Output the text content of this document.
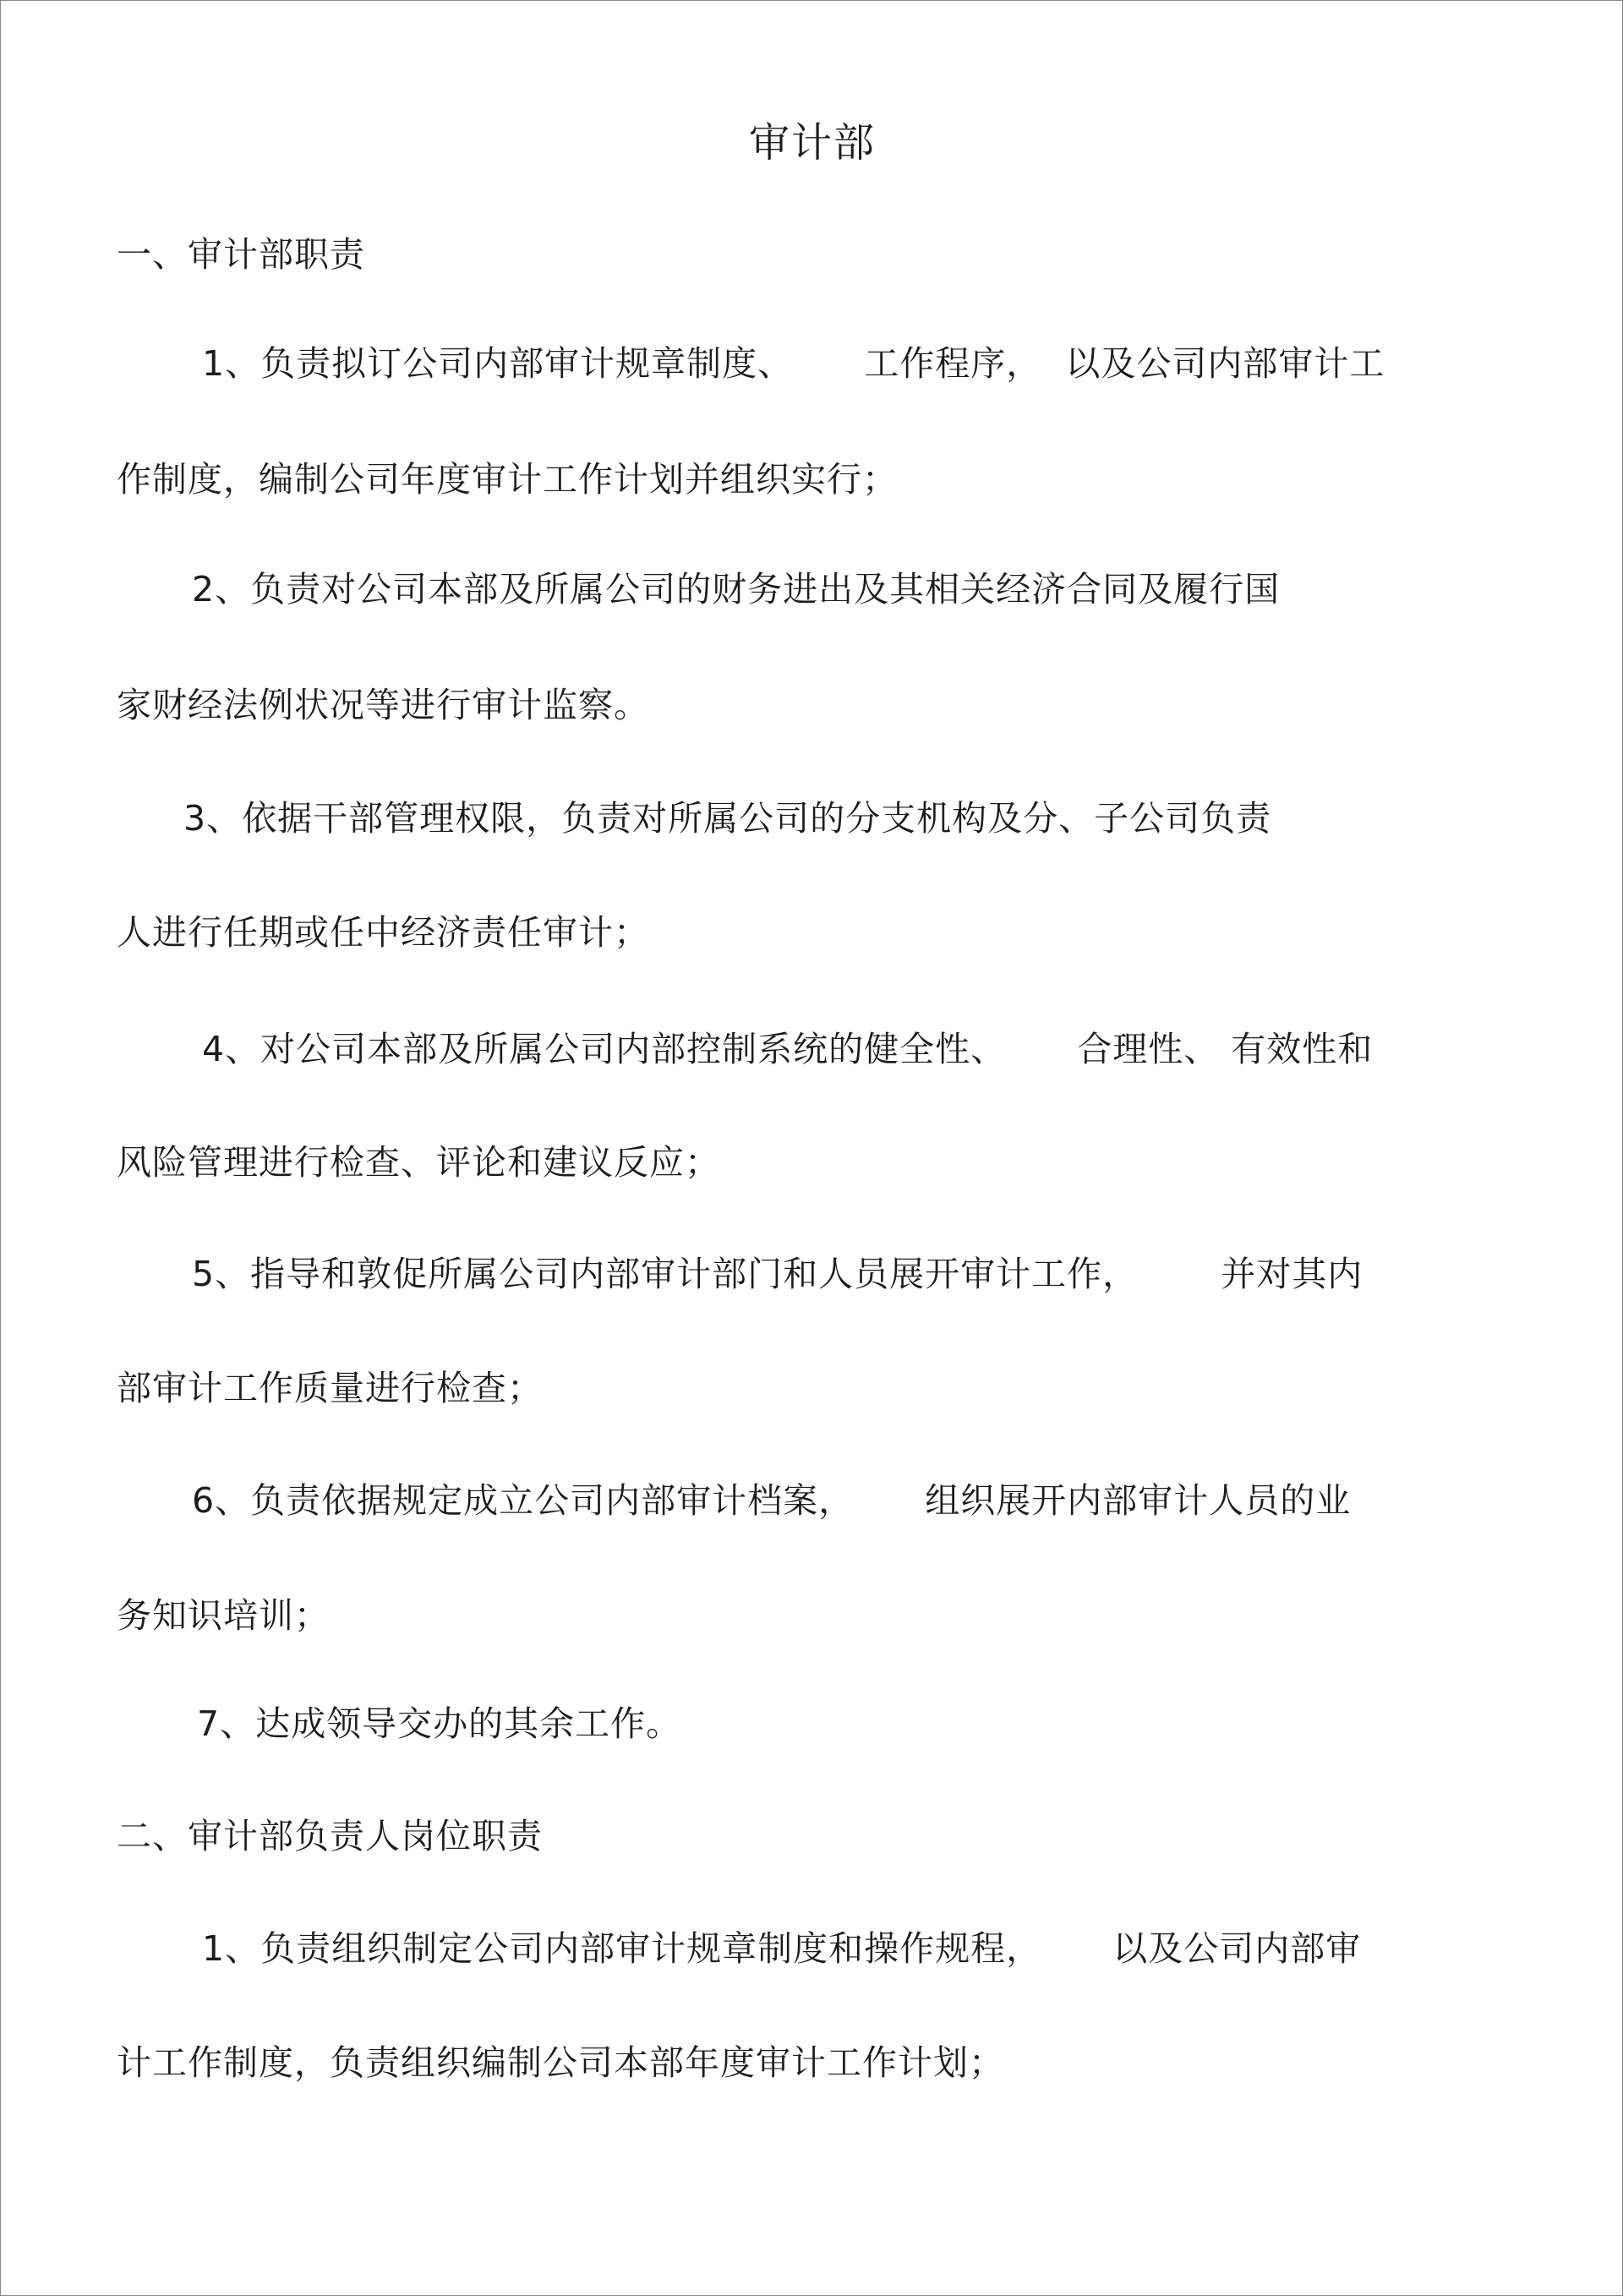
审计部
一、审计部职责
1、负责拟订公司内部审计规章制度、      工作程序，  以及公司内部审计工
作制度，编制公司年度审计工作计划并组织实行；
2、负责对公司本部及所属公司的财务进出及其相关经济合同及履行国
家财经法例状况等进行审计监察。
3、依据干部管理权限，负责对所属公司的分支机构及分、子公司负责
人进行任期或任中经济责任审计；
4、对公司本部及所属公司内部控制系统的健全性、      合理性、 有效性和
风险管理进行检查、评论和建议反应；
5、指导和敦促所属公司内部审计部门和人员展开审计工作，       并对其内
部审计工作质量进行检查；
6、负责依据规定成立公司内部审计档案，      组织展开内部审计人员的业
务知识培训；
7、达成领导交办的其余工作。
二、审计部负责人岗位职责
1、负责组织制定公司内部审计规章制度和操作规程，      以及公司内部审
计工作制度，负责组织编制公司本部年度审计工作计划；
